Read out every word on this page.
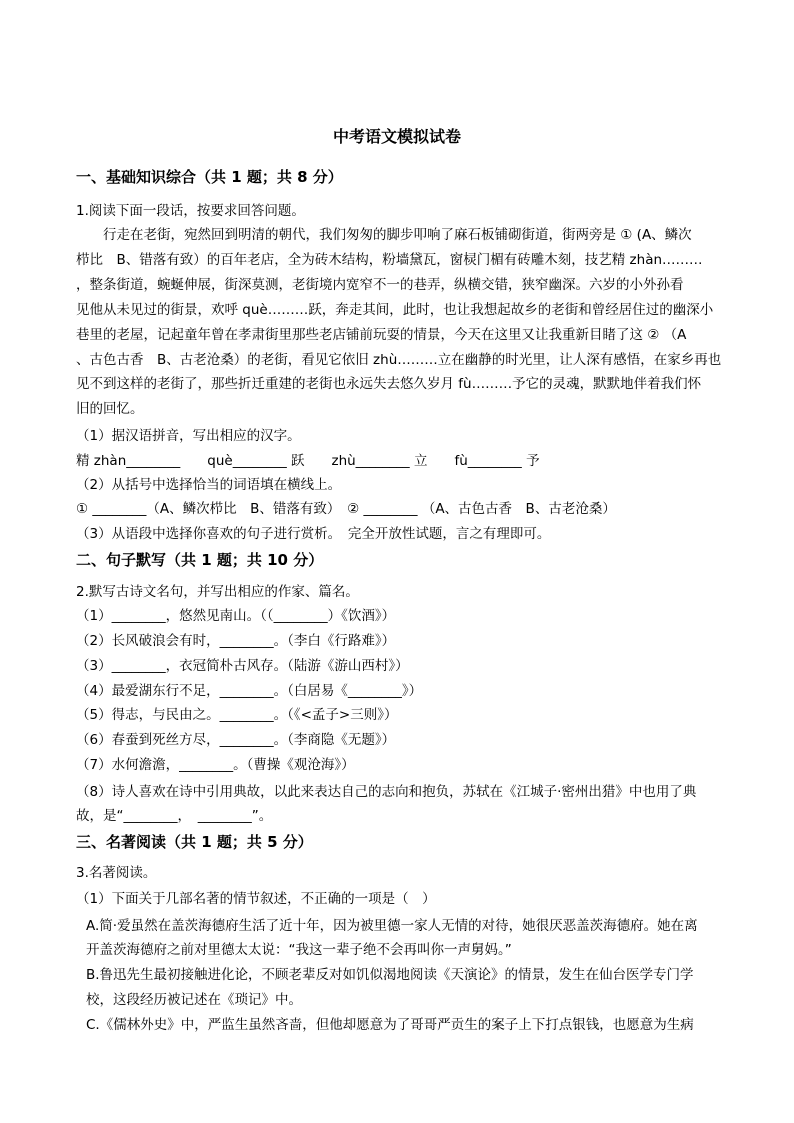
中考语文模拟试卷
一、基础知识综合（共 1 题；共 8 分）
1.阅读下面一段话，按要求回答问题。
　　行走在老街，宛然回到明清的朝代，我们匆匆的脚步叩响了麻石板铺砌街道，街两旁是 ① (A、鳞次
栉比　B、错落有致）的百年老店，全为砖木结构，粉墙黛瓦，窗棂门楣有砖雕木刻，技艺精 zhàn………
，整条街道，蜿蜒伸展，街深莫测，老街境内宽窄不一的巷弄，纵横交错，狭窄幽深。六岁的小外孙看
见他从未见过的街景，欢呼 què………跃，奔走其间，此时，也让我想起故乡的老街和曾经居住过的幽深小
巷里的老屋，记起童年曾在孝肃街里那些老店铺前玩耍的情景，今天在这里又让我重新目睹了这 ② （A
、古色古香　B、古老沧桑）的老街，看见它依旧 zhù………立在幽静的时光里，让人深有感悟，在家乡再也
见不到这样的老街了，那些折迁重建的老街也永远失去悠久岁月 fù………予它的灵魂，默默地伴着我们怀
旧的回忆。
（1）据汉语拼音，写出相应的汉字。
精 zhàn________　　què________ 跃　　zhù________ 立　　fù________ 予
（2）从括号中选择恰当的词语填在横线上。
① ________（A、鳞次栉比　B、错落有致）　② ________ （A、古色古香　B、古老沧桑）
（3）从语段中选择你喜欢的句子进行赏析。　完全开放性试题，言之有理即可。
二、句子默写（共 1 题；共 10 分）
2.默写古诗文名句，并写出相应的作家、篇名。
（1）________，悠然见南山。（（________）《饮酒》）
（2）长风破浪会有时，________。（李白《行路难》）
（3）________，衣冠简朴古风存。（陆游《游山西村》）
（4）最爱湖东行不足，________。（白居易《________》）
（5）得志，与民由之。________。（《<孟子>三则》）
（6）春蚕到死丝方尽，________。（李商隐《无题》）
（7）水何澹澹，________。（曹操《观沧海》）
（8）诗人喜欢在诗中引用典故，以此来表达自己的志向和抱负，苏轼在《江城子·密州出猎》中也用了典
故，是“________，　________”。
三、名著阅读（共 1 题；共 5 分）
3.名著阅读。
（1）下面关于几部名著的情节叙述，不正确的一项是（　）
A.简·爱虽然在盖茨海德府生活了近十年，因为被里德一家人无情的对待，她很厌恶盖茨海德府。她在离
开盖茨海德府之前对里德太太说：“我这一辈子绝不会再叫你一声舅妈。”
B.鲁迅先生最初接触进化论，不顾老辈反对如饥似渴地阅读《天演论》的情景，发生在仙台医学专门学
校，这段经历被记述在《琐记》中。
C.《儒林外史》中，严监生虽然吝啬，但他却愿意为了哥哥严贡生的案子上下打点银钱，也愿意为生病
